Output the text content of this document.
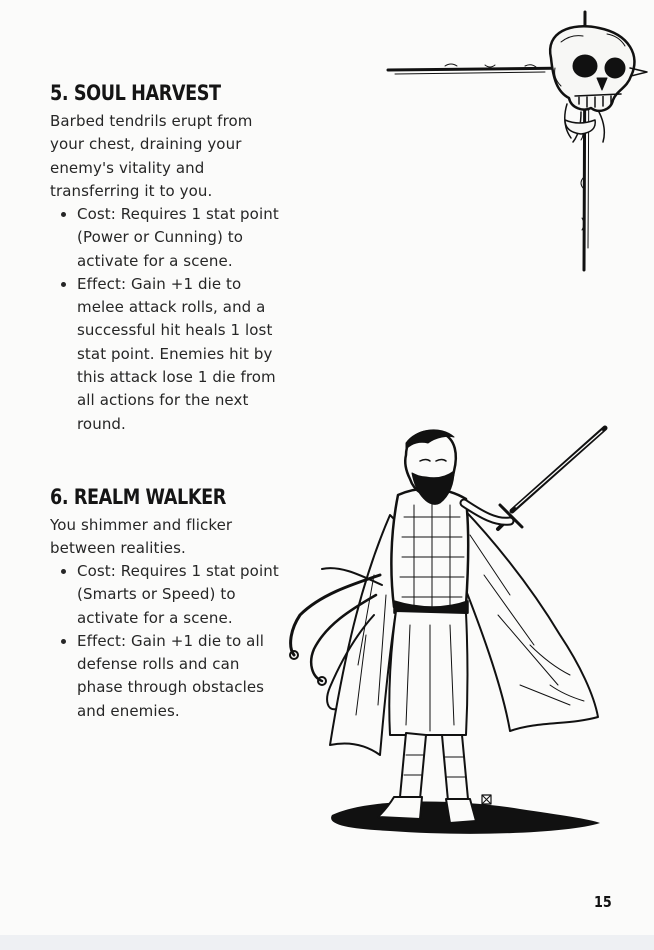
5. SOUL HARVEST

Barbed tendrils erupt from your chest, draining your enemy's vitality and transferring it to you.

• Cost: Requires 1 stat point (Power or Cunning) to activate for a scene.
• Effect: Gain +1 die to melee attack rolls, and a successful hit heals 1 lost stat point. Enemies hit by this attack lose 1 die from all actions for the next round.
6. REALM WALKER

You shimmer and flicker between realities.

• Cost: Requires 1 stat point (Smarts or Speed) to activate for a scene.
• Effect: Gain +1 die to all defense rolls and can phase through obstacles and enemies.
15
